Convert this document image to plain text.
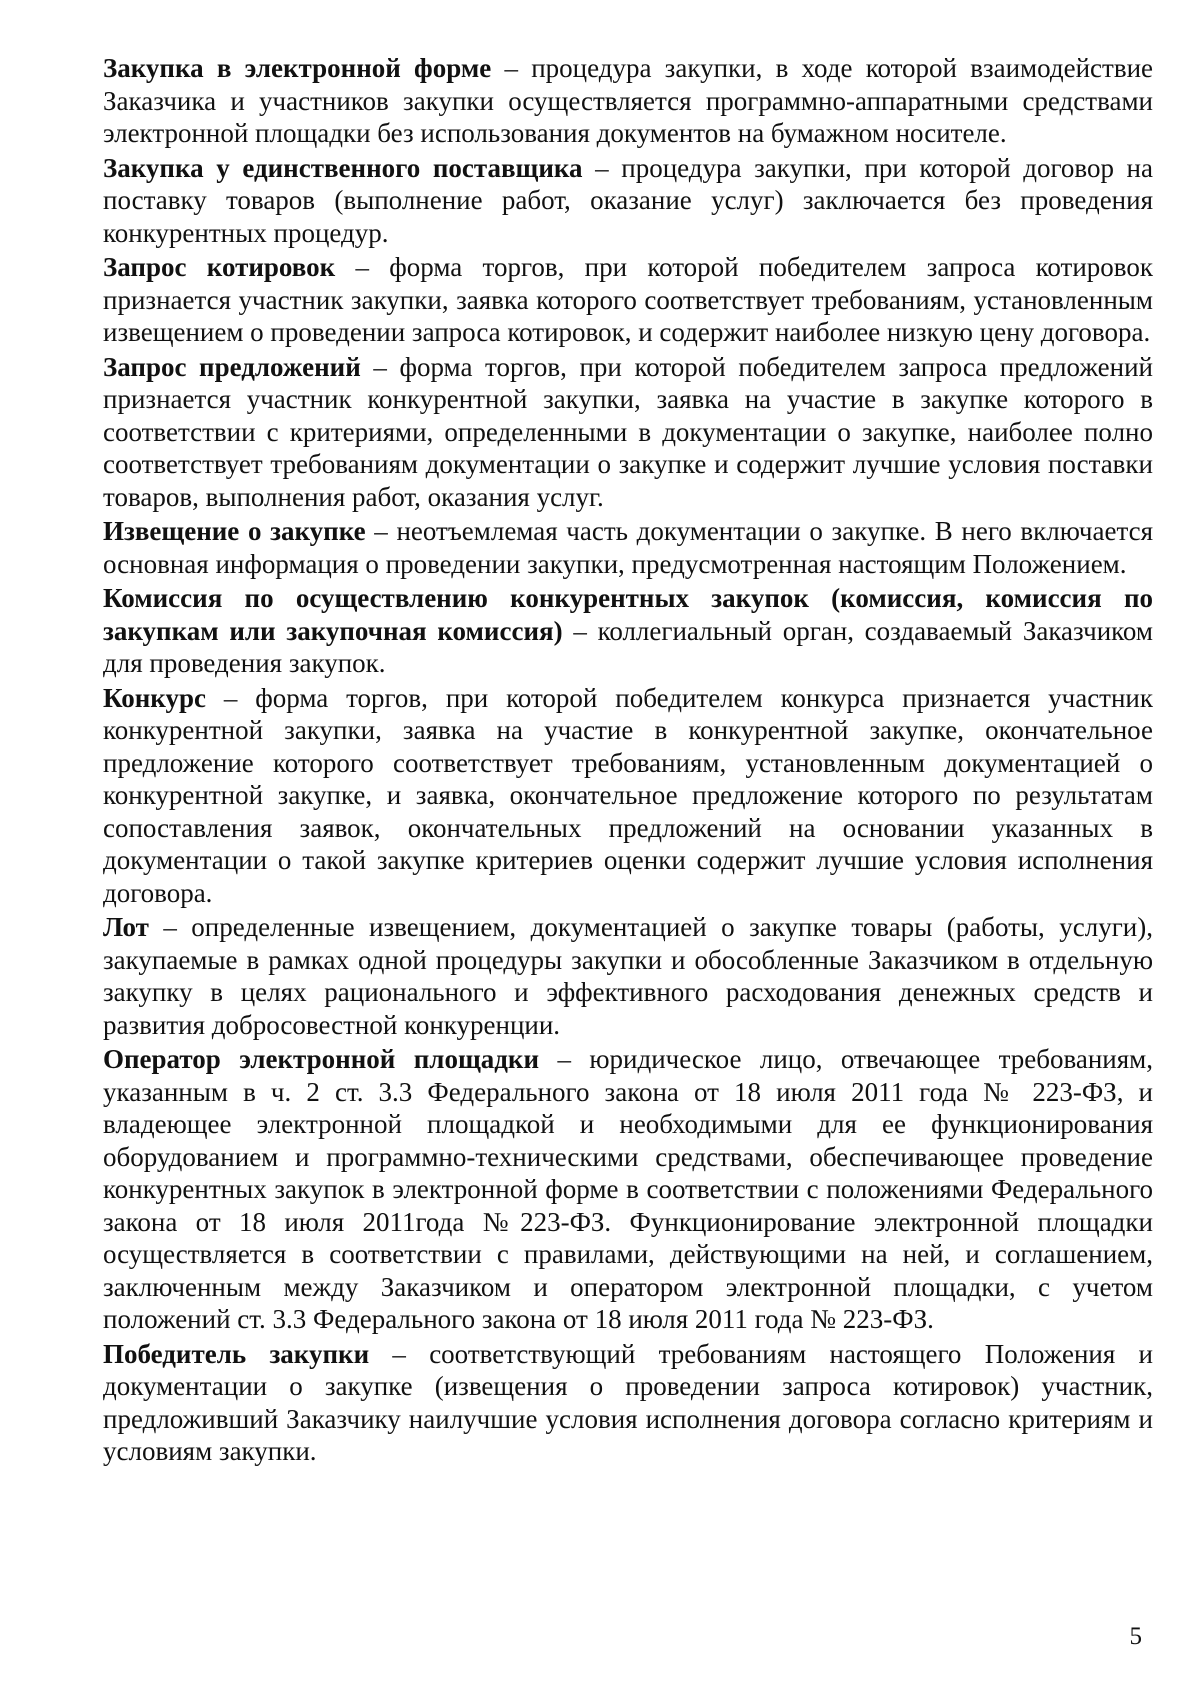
Закупка в электронной форме – процедура закупки, в ходе которой взаимодействие Заказчика и участников закупки осуществляется программно-аппаратными средствами электронной площадки без использования документов на бумажном носителе.

Закупка у единственного поставщика – процедура закупки, при которой договор на поставку товаров (выполнение работ, оказание услуг) заключается без проведения конкурентных процедур.

Запрос котировок – форма торгов, при которой победителем запроса котировок признается участник закупки, заявка которого соответствует требованиям, установленным извещением о проведении запроса котировок, и содержит наиболее низкую цену договора.

Запрос предложений – форма торгов, при которой победителем запроса предложений признается участник конкурентной закупки, заявка на участие в закупке которого в соответствии с критериями, определенными в документации о закупке, наиболее полно соответствует требованиям документации о закупке и содержит лучшие условия поставки товаров, выполнения работ, оказания услуг.

Извещение о закупке – неотъемлемая часть документации о закупке. В него включается основная информация о проведении закупки, предусмотренная настоящим Положением.

Комиссия по осуществлению конкурентных закупок (комиссия, комиссия по закупкам или закупочная комиссия) – коллегиальный орган, создаваемый Заказчиком для проведения закупок.

Конкурс – форма торгов, при которой победителем конкурса признается участник конкурентной закупки, заявка на участие в конкурентной закупке, окончательное предложение которого соответствует требованиям, установленным документацией о конкурентной закупке, и заявка, окончательное предложение которого по результатам сопоставления заявок, окончательных предложений на основании указанных в документации о такой закупке критериев оценки содержит лучшие условия исполнения договора.

Лот – определенные извещением, документацией о закупке товары (работы, услуги), закупаемые в рамках одной процедуры закупки и обособленные Заказчиком в отдельную закупку в целях рационального и эффективного расходования денежных средств и развития добросовестной конкуренции.

Оператор электронной площадки – юридическое лицо, отвечающее требованиям, указанным в ч. 2 ст. 3.3 Федерального закона от 18 июля 2011 года № 223-ФЗ, и владеющее электронной площадкой и необходимыми для ее функционирования оборудованием и программно-техническими средствами, обеспечивающее проведение конкурентных закупок в электронной форме в соответствии с положениями Федерального закона от 18 июля 2011года №223-ФЗ. Функционирование электронной площадки осуществляется в соответствии с правилами, действующими на ней, и соглашением, заключенным между Заказчиком и оператором электронной площадки, с учетом положений ст. 3.3 Федерального закона от 18 июля 2011 года № 223-ФЗ.

Победитель закупки – соответствующий требованиям настоящего Положения и документации о закупке (извещения о проведении запроса котировок) участник, предложивший Заказчику наилучшие условия исполнения договора согласно критериям и условиям закупки.

5
